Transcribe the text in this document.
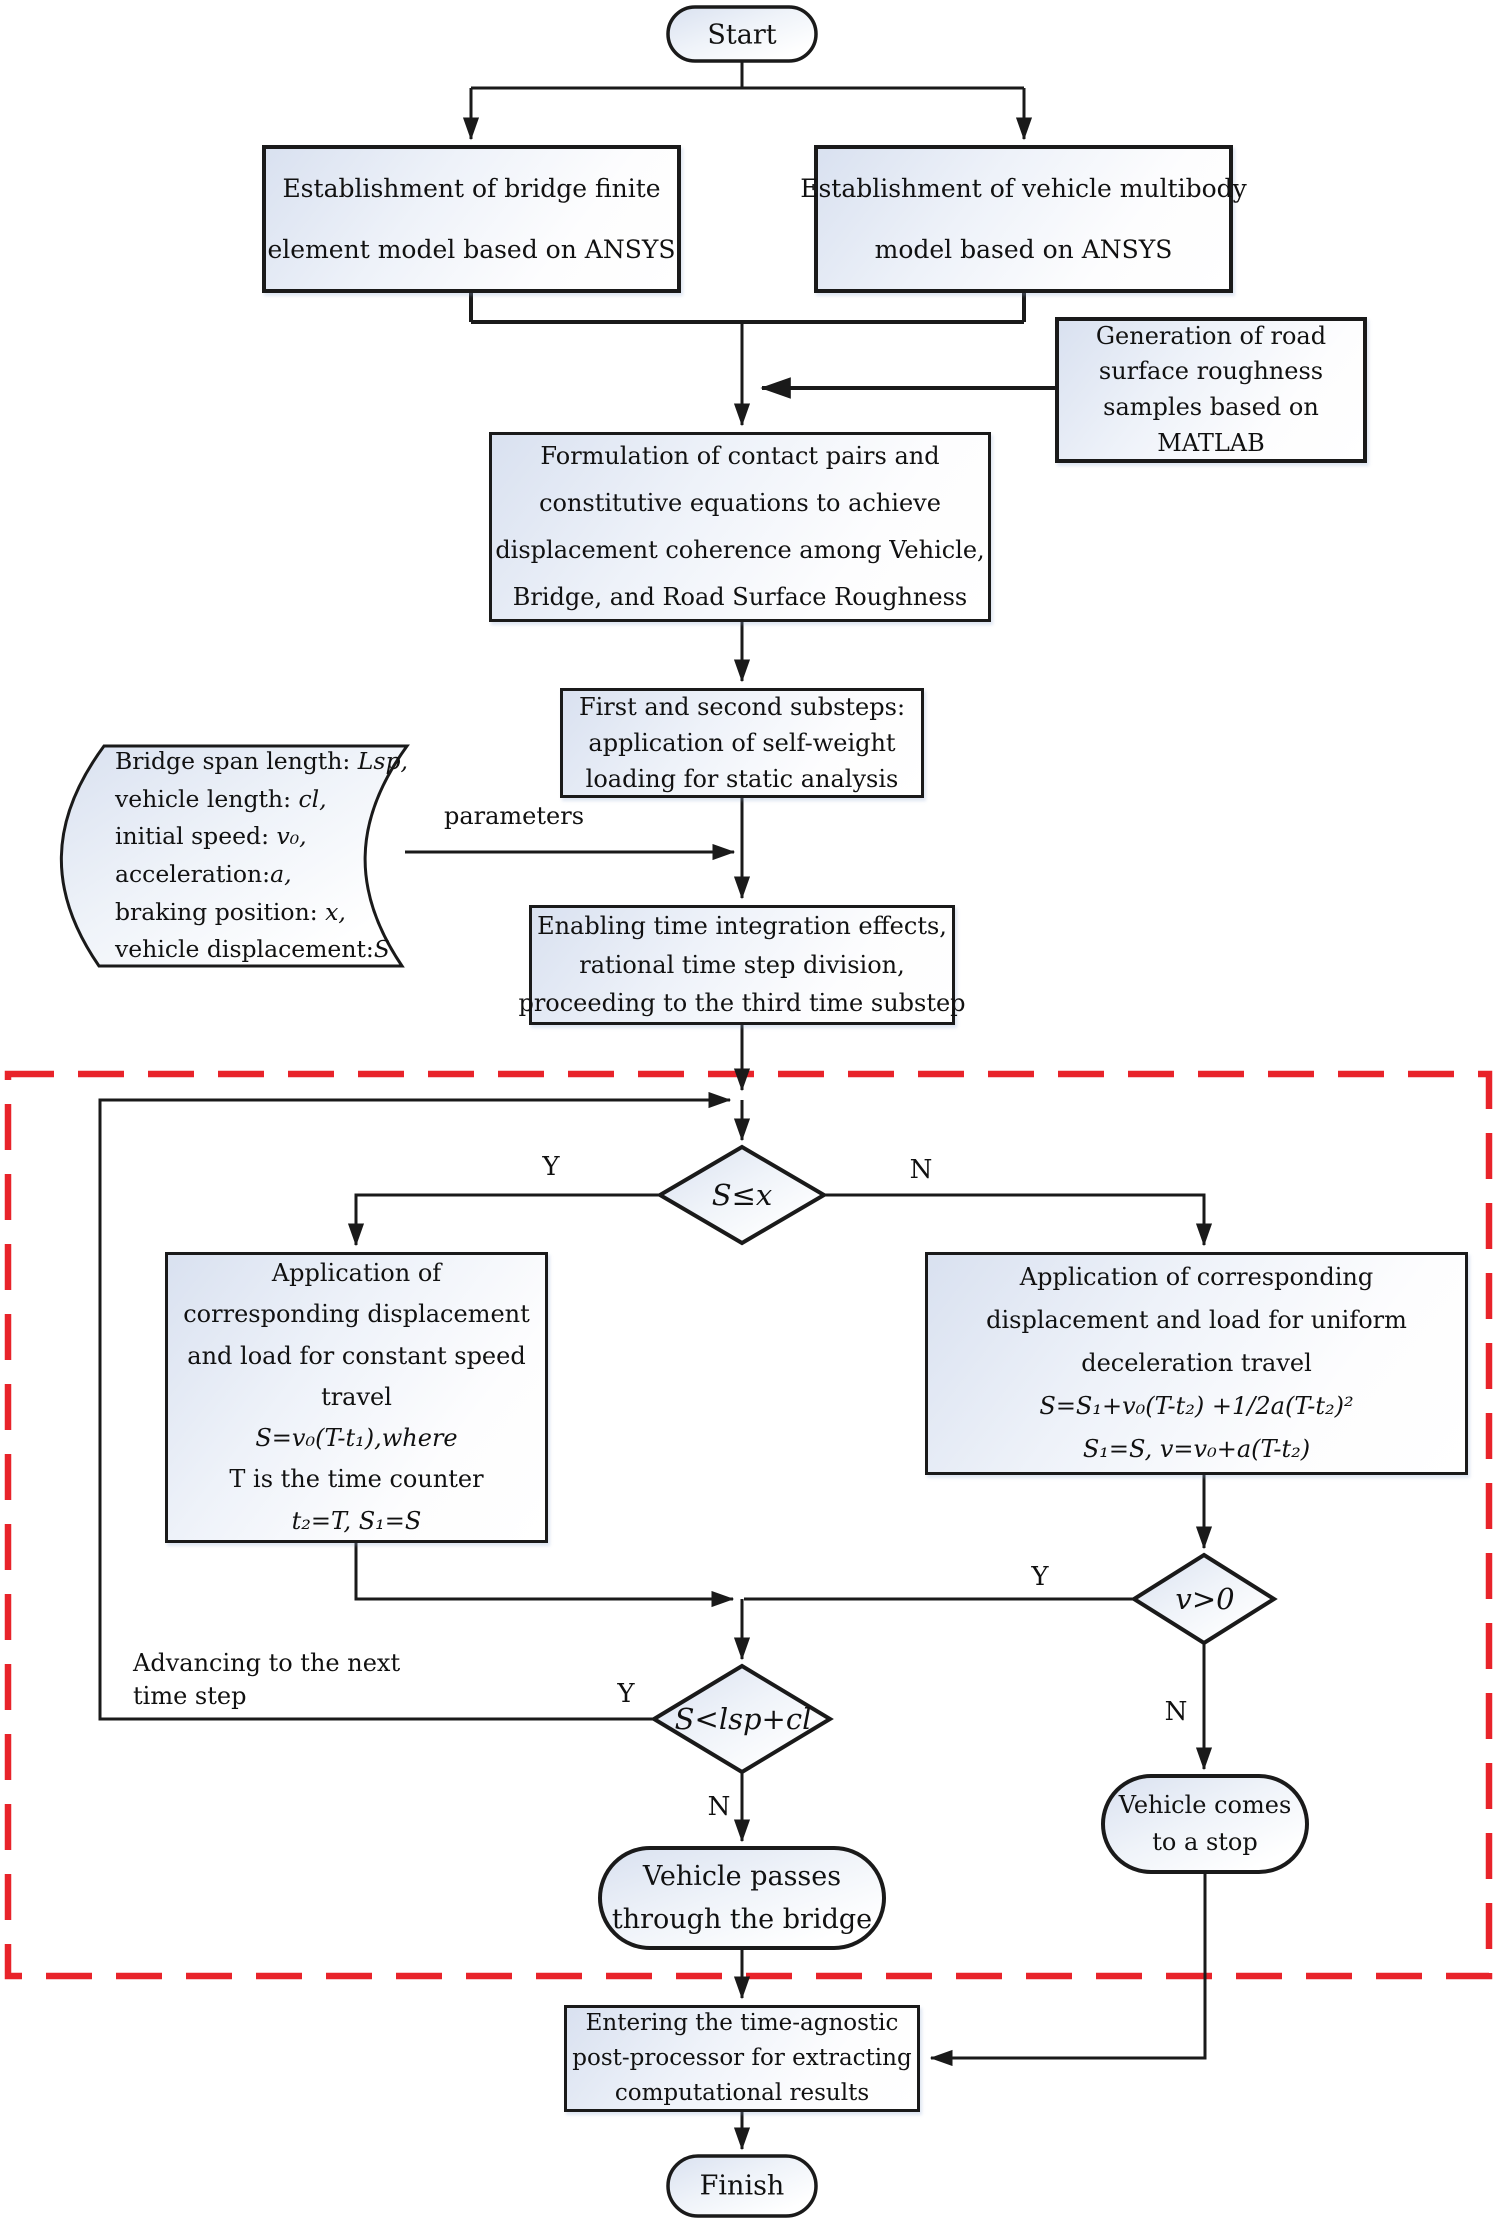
Establishment of bridge finite
element model based on ANSYS
Establishment of vehicle multibody
model based on ANSYS
Generation of road
surface roughness
samples based on
MATLAB
Formulation of contact pairs and
constitutive equations to achieve
displacement coherence among Vehicle,
Bridge, and Road Surface Roughness
First and second substeps:
application of self-weight
loading for static analysis
Enabling time integration effects,
rational time step division,
proceeding to the third time substep
Application of
corresponding displacement
and load for constant speed
travel
S=v₀(T-t₁),where
T is the time counter
t₂=T, S₁=S
Application of corresponding
displacement and load for uniform
deceleration travel
S=S₁+v₀(T-t₂) +1/2a(T-t₂)²
S₁=S, v=v₀+a(T-t₂)
Entering the time-agnostic
post-processor for extracting
computational results
Start
Bridge span length: Lsp,
vehicle length: cl,
initial speed: v₀,
acceleration:a,
braking position: x,
vehicle displacement:S
S≤x
v>0
S<lsp+cl
Vehicle comes
to a stop
Vehicle passes
through the bridge
Finish
parameters
Y	N
Y
N
Y
N
Advancing to the next
time step
